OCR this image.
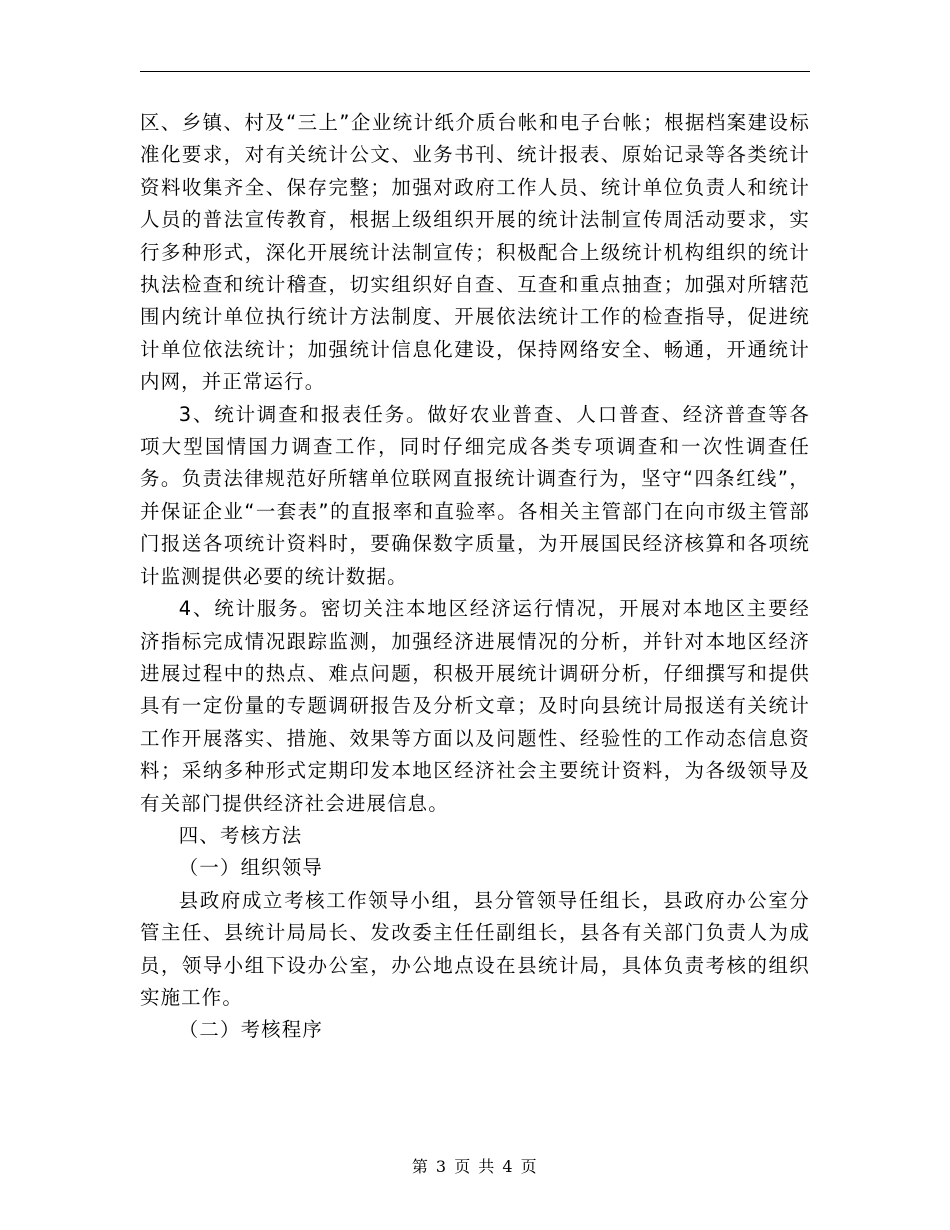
区、乡镇、村及“三上”企业统计纸介质台帐和电子台帐；根据档案建设标准化要求，对有关统计公文、业务书刊、统计报表、原始记录等各类统计资料收集齐全、保存完整；加强对政府工作人员、统计单位负责人和统计人员的普法宣传教育，根据上级组织开展的统计法制宣传周活动要求，实行多种形式，深化开展统计法制宣传；积极配合上级统计机构组织的统计执法检查和统计稽查，切实组织好自查、互查和重点抽查；加强对所辖范围内统计单位执行统计方法制度、开展依法统计工作的检查指导，促进统计单位依法统计；加强统计信息化建设，保持网络安全、畅通，开通统计内网，并正常运行。

3、统计调查和报表任务。做好农业普查、人口普查、经济普查等各项大型国情国力调查工作，同时仔细完成各类专项调查和一次性调查任务。负责法律规范好所辖单位联网直报统计调查行为，坚守“四条红线”，并保证企业“一套表”的直报率和直验率。各相关主管部门在向市级主管部门报送各项统计资料时，要确保数字质量，为开展国民经济核算和各项统计监测提供必要的统计数据。

4、统计服务。密切关注本地区经济运行情况，开展对本地区主要经济指标完成情况跟踪监测，加强经济进展情况的分析，并针对本地区经济进展过程中的热点、难点问题，积极开展统计调研分析，仔细撰写和提供具有一定份量的专题调研报告及分析文章；及时向县统计局报送有关统计工作开展落实、措施、效果等方面以及问题性、经验性的工作动态信息资料；采纳多种形式定期印发本地区经济社会主要统计资料，为各级领导及有关部门提供经济社会进展信息。

四、考核方法

（一）组织领导

县政府成立考核工作领导小组，县分管领导任组长，县政府办公室分管主任、县统计局局长、发改委主任任副组长，县各有关部门负责人为成员，领导小组下设办公室，办公地点设在县统计局，具体负责考核的组织实施工作。

（二）考核程序

第 3 页 共 4 页
